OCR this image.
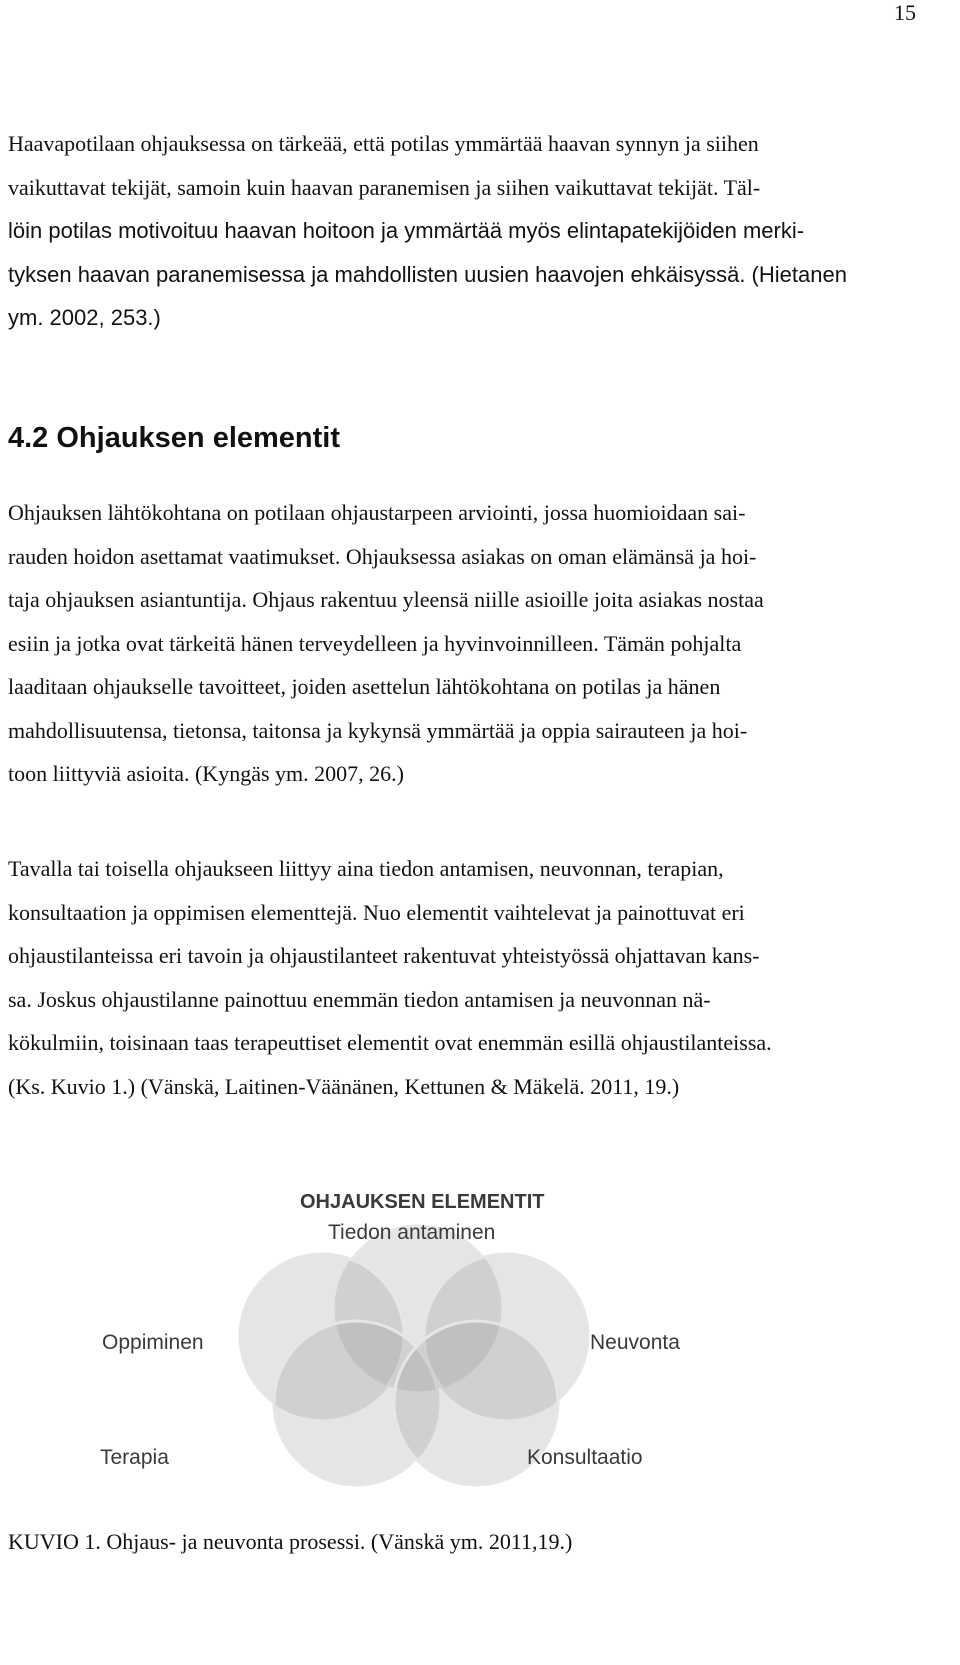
15

Haavapotilaan ohjauksessa on tärkeää, että potilas ymmärtää haavan synnyn ja siihen
vaikuttavat tekijät, samoin kuin haavan paranemisen ja siihen vaikuttavat tekijät. Täl-
löin potilas motivoituu haavan hoitoon ja ymmärtää myös elintapatekijöiden merki-
tyksen haavan paranemisessa ja mahdollisten uusien haavojen ehkäisyssä. (Hietanen
ym. 2002, 253.)

4.2 Ohjauksen elementit

Ohjauksen lähtökohtana on potilaan ohjaustarpeen arviointi, jossa huomioidaan sai-
rauden hoidon asettamat vaatimukset. Ohjauksessa asiakas on oman elämänsä ja hoi-
taja ohjauksen asiantuntija. Ohjaus rakentuu yleensä niille asioille joita asiakas nostaa
esiin ja jotka ovat tärkeitä hänen terveydelleen ja hyvinvoinnilleen. Tämän pohjalta
laaditaan ohjaukselle tavoitteet, joiden asettelun lähtökohtana on potilas ja hänen
mahdollisuutensa, tietonsa, taitonsa ja kykynsä ymmärtää ja oppia sairauteen ja hoi-
toon liittyviä asioita. (Kyngäs ym. 2007, 26.)

Tavalla tai toisella ohjaukseen liittyy aina tiedon antamisen, neuvonnan, terapian,
konsultaation ja oppimisen elementtejä. Nuo elementit vaihtelevat ja painottuvat eri
ohjaustilanteissa eri tavoin ja ohjaustilanteet rakentuvat yhteistyössä ohjattavan kans-
sa. Joskus ohjaustilanne painottuu enemmän tiedon antamisen ja neuvonnan nä-
kökulmiin, toisinaan taas terapeuttiset elementit ovat enemmän esillä ohjaustilanteissa.
(Ks. Kuvio 1.) (Vänskä, Laitinen-Väänänen, Kettunen & Mäkelä. 2011, 19.)

OHJAUKSEN ELEMENTIT
Tiedon antaminen
Oppiminen	Neuvonta
Terapia	Konsultaatio

KUVIO 1. Ohjaus- ja neuvonta prosessi. (Vänskä ym. 2011,19.)
